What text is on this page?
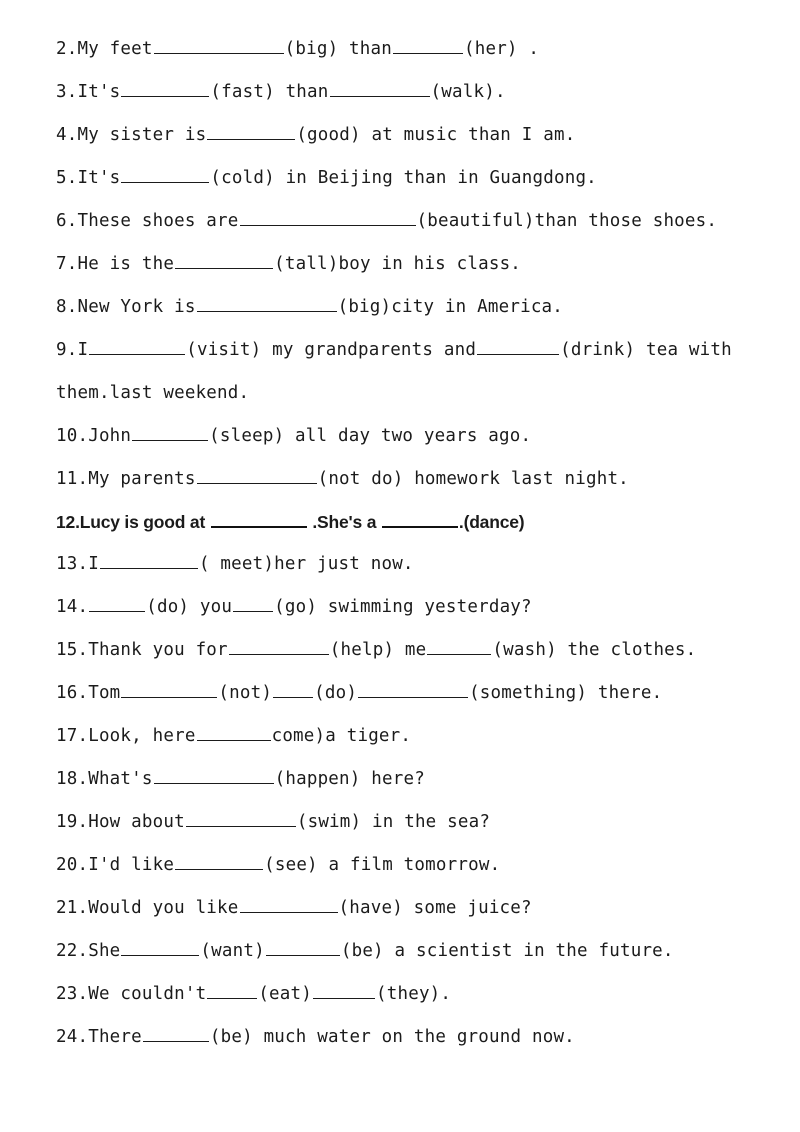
2.My feet	(big) than	(her) .
3.It's	(fast) than	(walk).
4.My sister is	(good) at music than I am.
5.It's	(cold) in Beijing than in Guangdong.
6.These shoes are	(beautiful)than those shoes.
7.He is the	(tall)boy in his class.
8.New York is	(big)city in America.
9.I	(visit) my grandparents and	(drink) tea with
them.last weekend.
10.John	(sleep) all day two years ago.
11.My parents	(not do) homework last night.
12.Lucy is good at	.She's a	.(dance)
13.I	( meet)her just now.
14.	(do) you (go) swimming yesterday?
15.Thank you for	(help) me	(wash) the clothes.
16.Tom	(not) (do)	(something) there.
17.Look, here	come)a tiger.
18.What's	(happen) here?
19.How about	(swim) in the sea?
20.I'd like	(see) a film tomorrow.
21.Would you like	(have) some juice?
22.She	(want)	(be) a scientist in the future.
23.We couldn't	(eat)	(they).
24.There	(be) much water on the ground now.
